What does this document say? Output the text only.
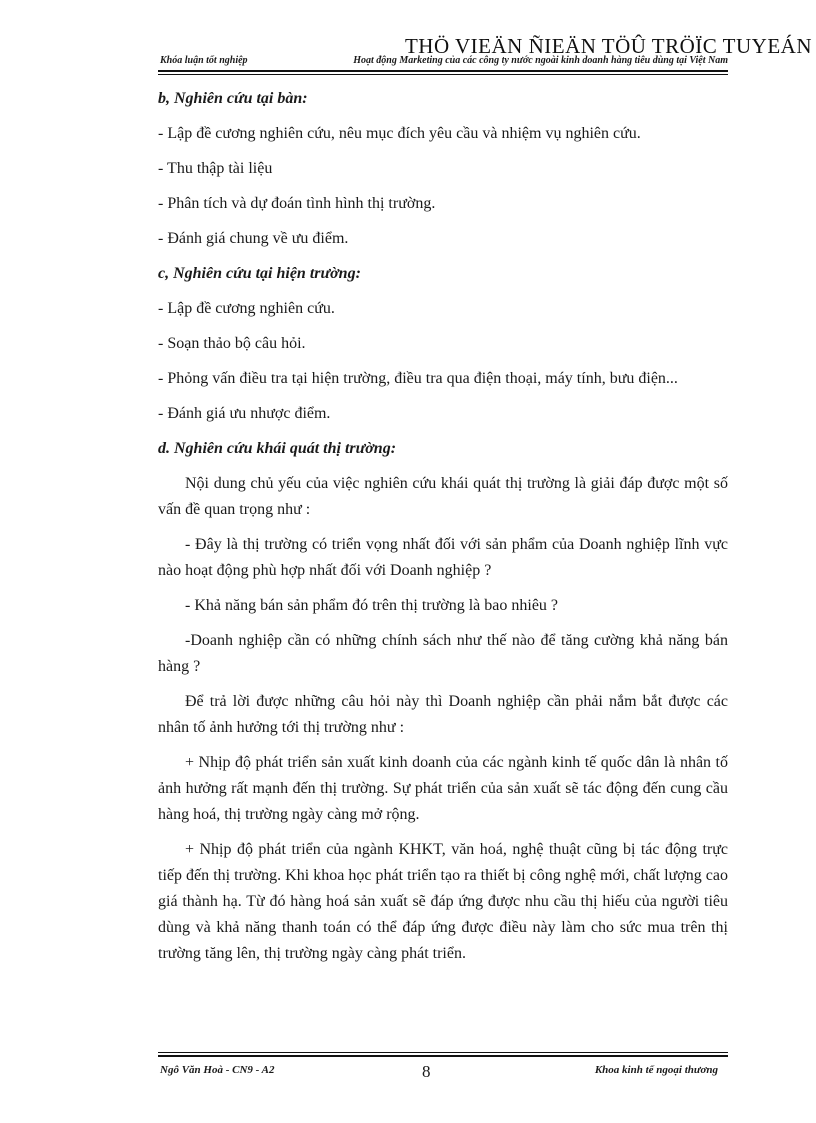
THÖ VIEÄN ÑIEÄN TÖÛ TRÖÏC TUYEÁN
Khóa luận tốt nghiệp	Hoạt động Marketing của các công ty nước ngoài kinh doanh hàng tiêu dùng tại Việt Nam
b, Nghiên cứu tại bàn:
- Lập đề cương nghiên cứu, nêu mục đích yêu cầu và nhiệm vụ nghiên cứu.
- Thu thập tài liệu
- Phân tích và dự đoán tình hình thị trường.
- Đánh giá chung về ưu điểm.
c, Nghiên cứu tại hiện trường:
- Lập đề cương nghiên cứu.
- Soạn thảo bộ câu hỏi.
- Phỏng vấn điều tra tại hiện trường, điều tra qua điện thoại, máy tính, bưu điện...
- Đánh giá ưu nhược điểm.
d. Nghiên cứu khái quát thị trường:

Nội dung chủ yếu của việc nghiên cứu khái quát thị trường là giải đáp được một số vấn đề quan trọng như :

- Đây là thị trường có triển vọng nhất đối với sản phẩm của Doanh nghiệp lĩnh vực nào hoạt động phù hợp nhất đối với Doanh nghiệp ?

- Khả năng bán sản phẩm đó trên thị trường là bao nhiêu ?

-Doanh nghiệp cần có những chính sách như thế nào để tăng cường khả năng bán hàng ?

Để trả lời được những câu hỏi này thì Doanh nghiệp cần phải nắm bắt được các nhân tố ảnh hưởng tới thị trường như :

+ Nhịp độ phát triển sản xuất kinh doanh của các ngành kinh tế quốc dân là nhân tố ảnh hưởng rất mạnh đến thị trường. Sự phát triển của sản xuất sẽ tác động đến cung cầu hàng hoá, thị trường ngày càng mở rộng.

+ Nhịp độ phát triển của ngành KHKT, văn hoá, nghệ thuật cũng bị tác động trực tiếp đến thị trường. Khi khoa học phát triển tạo ra thiết bị công nghệ mới, chất lượng cao giá thành hạ. Từ đó hàng hoá sản xuất sẽ đáp ứng được nhu cầu thị hiếu của người tiêu dùng và khả năng thanh toán có thể đáp ứng được điều này làm cho sức mua trên thị trường tăng lên, thị trường ngày càng phát triển.

Ngô Văn Hoà - CN9 - A2	8	Khoa kinh tế ngoại thương
